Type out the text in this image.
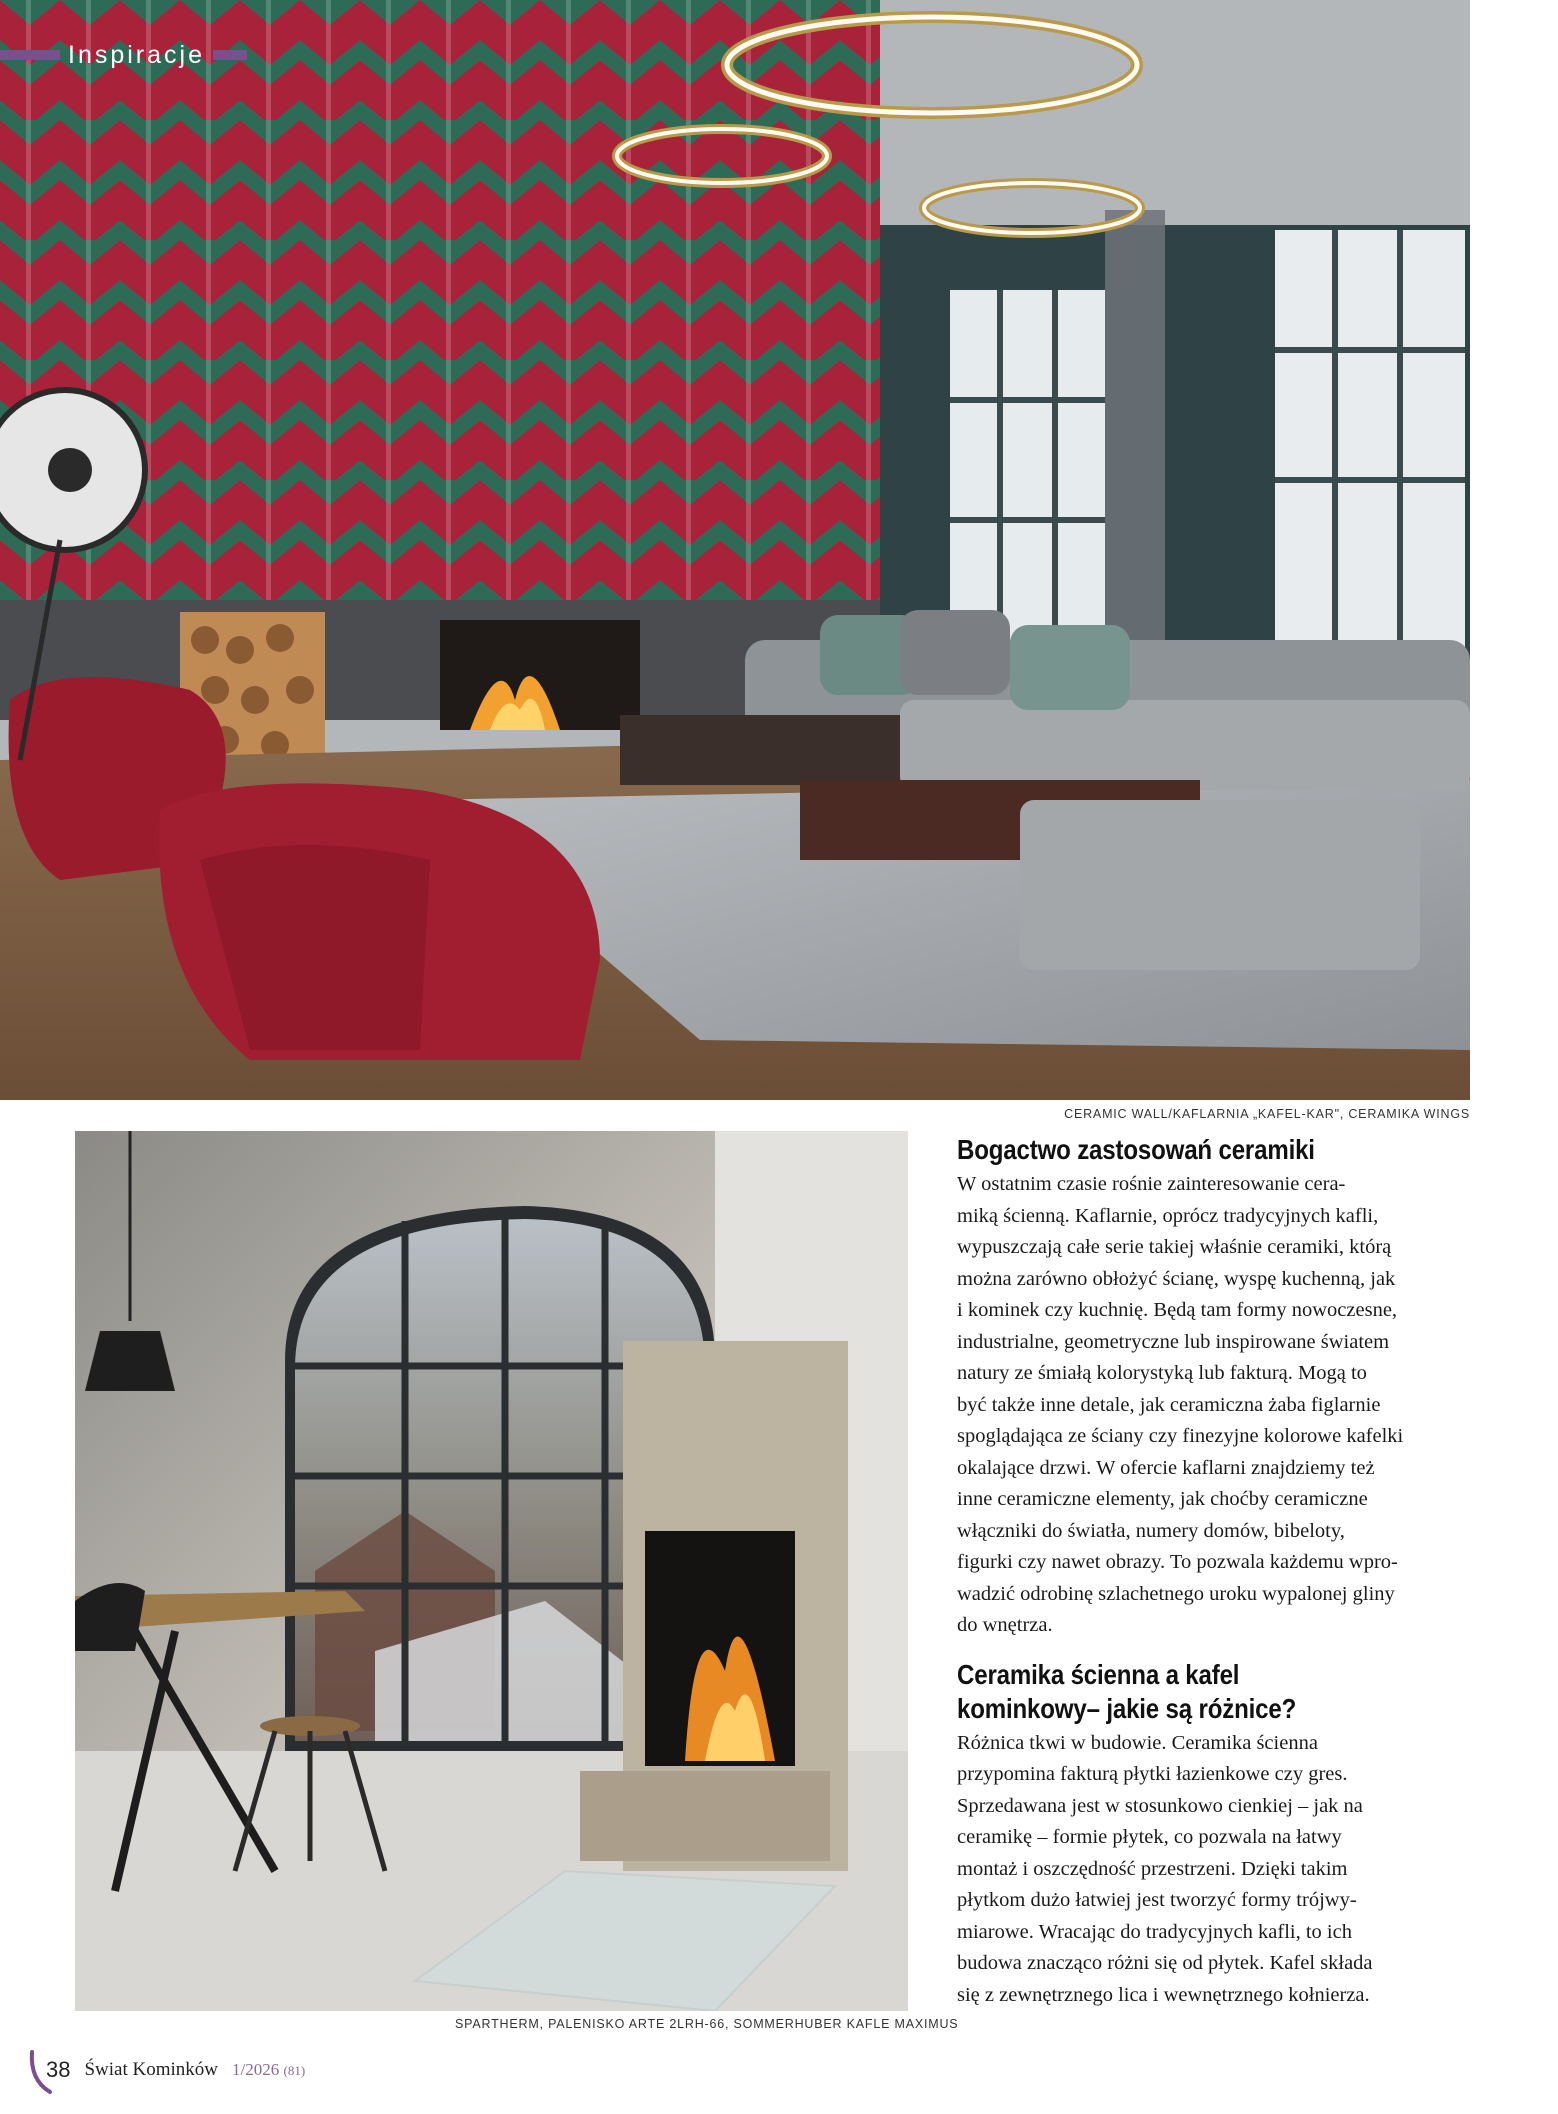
Inspiracje
CERAMIC WALL/KAFLARNIA „KAFEL-KAR", CERAMIKA WINGS
SPARTHERM, PALENISKO ARTE 2LRH-66, SOMMERHUBER KAFLE MAXIMUS
Bogactwo zastosowań ceramiki

W ostatnim czasie rośnie zainteresowanie cera-
miką ścienną. Kaflarnie, oprócz tradycyjnych kafli,
wypuszczają całe serie takiej właśnie ceramiki, którą
można zarówno obłożyć ścianę, wyspę kuchenną, jak
i kominek czy kuchnię. Będą tam formy nowoczesne,
industrialne, geometryczne lub inspirowane światem
natury ze śmiałą kolorystyką lub fakturą. Mogą to
być także inne detale, jak ceramiczna żaba figlarnie
spoglądająca ze ściany czy finezyjne kolorowe kafelki
okalające drzwi. W ofercie kaflarni znajdziemy też
inne ceramiczne elementy, jak choćby ceramiczne
włączniki do światła, numery domów, bibeloty,
figurki czy nawet obrazy. To pozwala każdemu wpro-
wadzić odrobinę szlachetnego uroku wypalonej gliny
do wnętrza.

Ceramika ścienna a kafel
kominkowy– jakie są różnice?

Różnica tkwi w budowie. Ceramika ścienna
przypomina fakturą płytki łazienkowe czy gres.
Sprzedawana jest w stosunkowo cienkiej – jak na
ceramikę – formie płytek, co pozwala na łatwy
montaż i oszczędność przestrzeni. Dzięki takim
płytkom dużo łatwiej jest tworzyć formy trójwy-
miarowe. Wracając do tradycyjnych kafli, to ich
budowa znacząco różni się od płytek. Kafel składa
się z zewnętrznego lica i wewnętrznego kołnierza.

38 Świat Kominków 1/2026 (81)
